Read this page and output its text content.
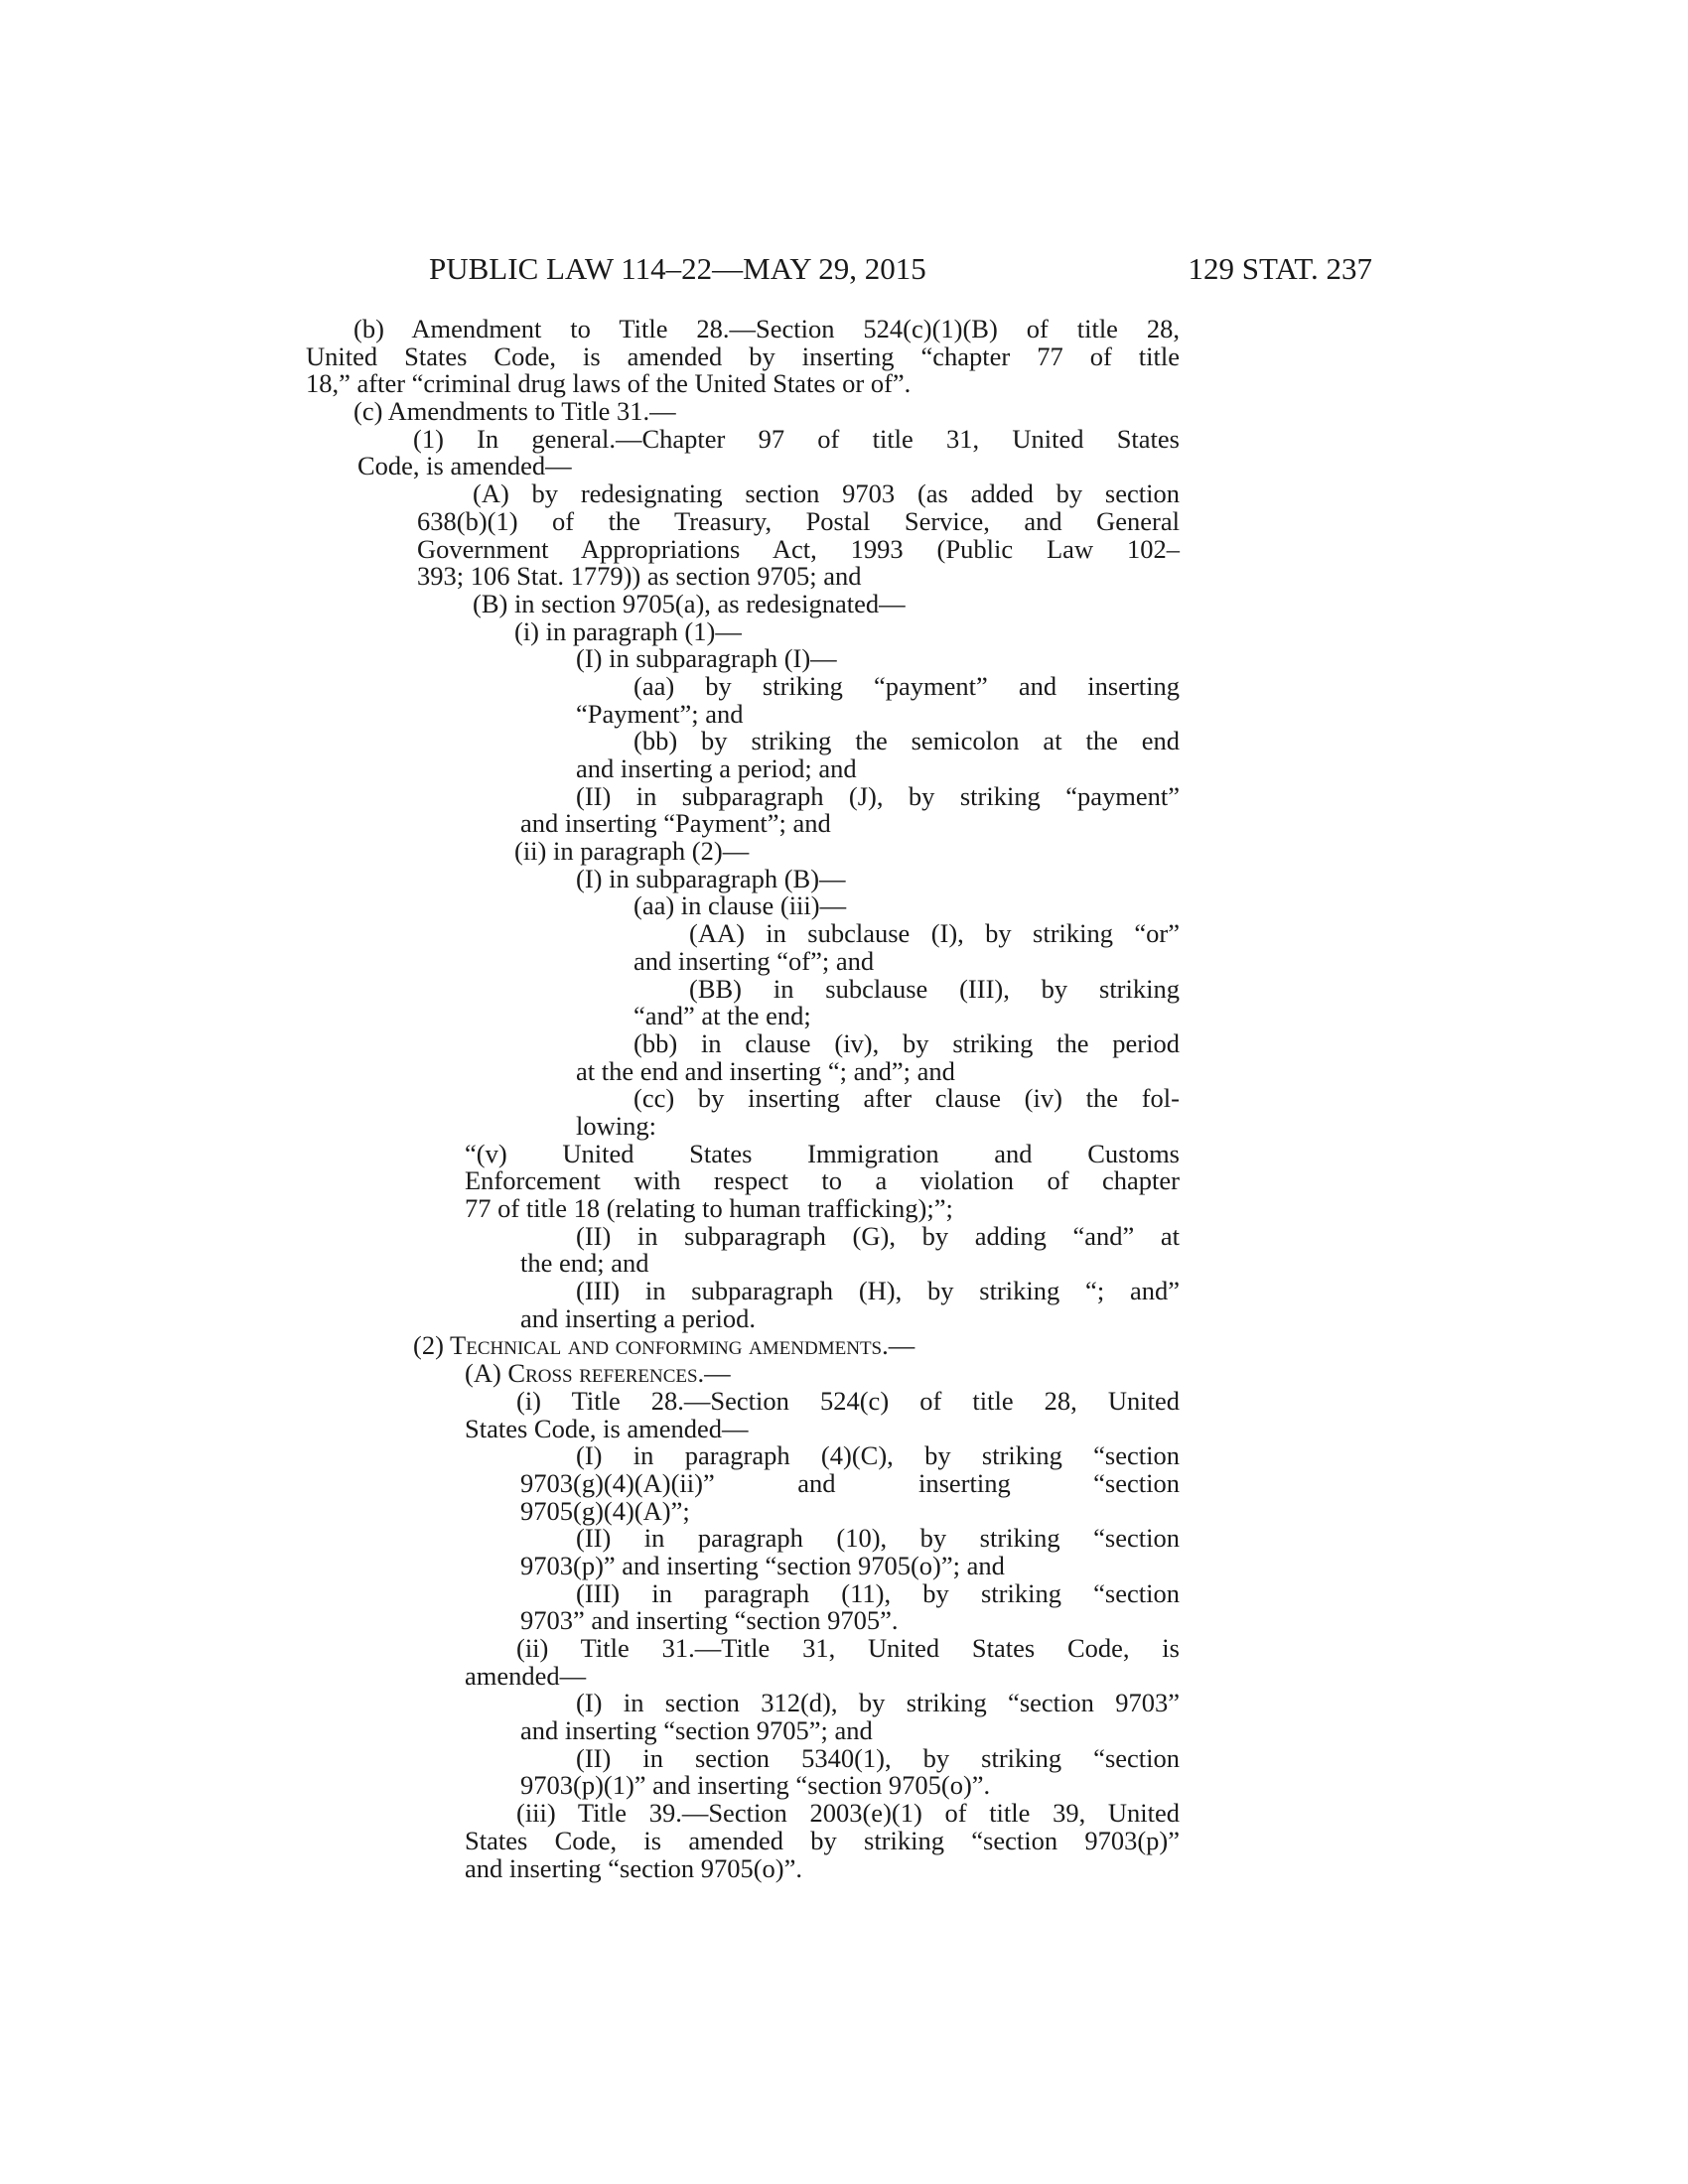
PUBLIC LAW 114–22—MAY 29, 2015	129 STAT. 237
(b) Amendment to Title 28.—Section 524(c)(1)(B) of title 28,
United States Code, is amended by inserting “chapter 77 of title
18,” after “criminal drug laws of the United States or of”.
(c) Amendments to Title 31.—
(1) In general.—Chapter 97 of title 31, United States
Code, is amended—
(A) by redesignating section 9703 (as added by section
638(b)(1) of the Treasury, Postal Service, and General
Government Appropriations Act, 1993 (Public Law 102–
393; 106 Stat. 1779)) as section 9705; and
(B) in section 9705(a), as redesignated—
(i) in paragraph (1)—
(I) in subparagraph (I)—
(aa) by striking “payment” and inserting
“Payment”; and
(bb) by striking the semicolon at the end
and inserting a period; and
(II) in subparagraph (J), by striking “payment”
and inserting “Payment”; and
(ii) in paragraph (2)—
(I) in subparagraph (B)—
(aa) in clause (iii)—
(AA) in subclause (I), by striking “or”
and inserting “of”; and
(BB) in subclause (III), by striking
“and” at the end;
(bb) in clause (iv), by striking the period
at the end and inserting “; and”; and
(cc) by inserting after clause (iv) the fol-
lowing:
“(v) United States Immigration and Customs
Enforcement with respect to a violation of chapter
77 of title 18 (relating to human trafficking);”;
(II) in subparagraph (G), by adding “and” at
the end; and
(III) in subparagraph (H), by striking “; and”
and inserting a period.
(2) Technical and conforming amendments.—
(A) Cross references.—
(i) Title 28.—Section 524(c) of title 28, United
States Code, is amended—
(I) in paragraph (4)(C), by striking “section
9703(g)(4)(A)(ii)” and inserting “section
9705(g)(4)(A)”;
(II) in paragraph (10), by striking “section
9703(p)” and inserting “section 9705(o)”; and
(III) in paragraph (11), by striking “section
9703” and inserting “section 9705”.
(ii) Title 31.—Title 31, United States Code, is
amended—
(I) in section 312(d), by striking “section 9703”
and inserting “section 9705”; and
(II) in section 5340(1), by striking “section
9703(p)(1)” and inserting “section 9705(o)”.
(iii) Title 39.—Section 2003(e)(1) of title 39, United
States Code, is amended by striking “section 9703(p)”
and inserting “section 9705(o)”.
